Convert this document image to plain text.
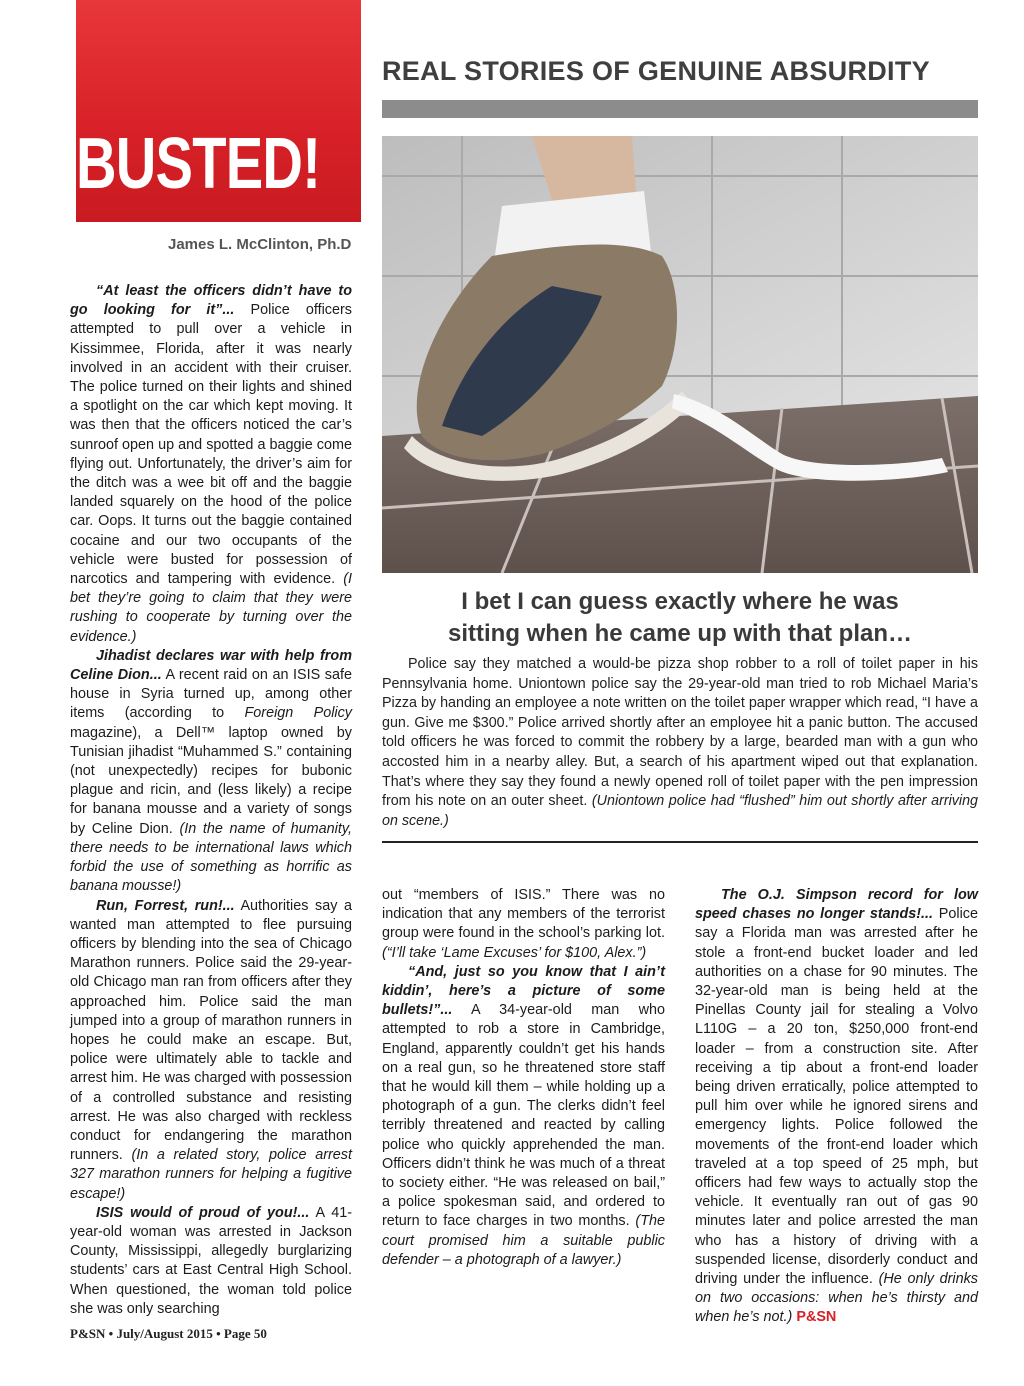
BUSTED!
James L. McClinton, Ph.D
REAL STORIES OF GENUINE ABSURDITY
I bet I can guess exactly where he was
sitting when he came up with that plan…
Police say they matched a would-be pizza shop robber to a roll of toilet paper in his Pennsylvania home. Uniontown police say the 29-year-old man tried to rob Michael Maria’s Pizza by handing an employee a note written on the toilet paper wrapper which read, “I have a gun. Give me $300.” Police arrived shortly after an employee hit a panic button. The accused told officers he was forced to commit the robbery by a large, bearded man with a gun who accosted him in a nearby alley. But, a search of his apartment wiped out that explanation. That’s where they say they found a newly opened roll of toilet paper with the pen impression from his note on an outer sheet. (Uniontown police had “flushed” him out shortly after arriving on scene.)

“At least the officers didn’t have to go looking for it”... Police officers attempted to pull over a vehicle in Kissimmee, Florida, after it was nearly involved in an accident with their cruiser. The police turned on their lights and shined a spotlight on the car which kept moving. It was then that the officers noticed the car’s sunroof open up and spotted a baggie come flying out. Unfortunately, the driver’s aim for the ditch was a wee bit off and the baggie landed squarely on the hood of the police car. Oops. It turns out the baggie contained cocaine and our two occupants of the vehicle were busted for possession of narcotics and tampering with evidence. (I bet they’re going to claim that they were rushing to cooperate by turning over the evidence.)

Jihadist declares war with help from Celine Dion... A recent raid on an ISIS safe house in Syria turned up, among other items (according to Foreign Policy magazine), a Dell™ laptop owned by Tunisian jihadist “Muhammed S.” containing (not unexpectedly) recipes for bubonic plague and ricin, and (less likely) a recipe for banana mousse and a variety of songs by Celine Dion. (In the name of humanity, there needs to be international laws which forbid the use of something as horrific as banana mousse!)

Run, Forrest, run!... Authorities say a wanted man attempted to flee pursuing officers by blending into the sea of Chicago Marathon runners. Police said the 29-year-old Chicago man ran from officers after they approached him. Police said the man jumped into a group of marathon runners in hopes he could make an escape. But, police were ultimately able to tackle and arrest him. He was charged with possession of a controlled substance and resisting arrest. He was also charged with reckless conduct for endangering the marathon runners. (In a related story, police arrest 327 marathon runners for helping a fugitive escape!)

ISIS would of proud of you!... A 41-year-old woman was arrested in Jackson County, Mississippi, allegedly burglarizing students’ cars at East Central High School. When questioned, the woman told police she was only searching

out “members of ISIS.” There was no indication that any members of the terrorist group were found in the school’s parking lot. (“I’ll take ‘Lame Excuses’ for $100, Alex.”)

“And, just so you know that I ain’t kiddin’, here’s a picture of some bullets!”... A 34-year-old man who attempted to rob a store in Cambridge, England, apparently couldn’t get his hands on a real gun, so he threatened store staff that he would kill them – while holding up a photograph of a gun. The clerks didn’t feel terribly threatened and reacted by calling police who quickly apprehended the man. Officers didn’t think he was much of a threat to society either. “He was released on bail,” a police spokesman said, and ordered to return to face charges in two months. (The court promised him a suitable public defender – a photograph of a lawyer.)

The O.J. Simpson record for low speed chases no longer stands!... Police say a Florida man was arrested after he stole a front-end bucket loader and led authorities on a chase for 90 minutes. The 32-year-old man is being held at the Pinellas County jail for stealing a Volvo L110G – a 20 ton, $250,000 front-end loader – from a construction site. After receiving a tip about a front-end loader being driven erratically, police attempted to pull him over while he ignored sirens and emergency lights. Police followed the movements of the front-end loader which traveled at a top speed of 25 mph, but officers had few ways to actually stop the vehicle. It eventually ran out of gas 90 minutes later and police arrested the man who has a history of driving with a suspended license, disorderly conduct and driving under the influence. (He only drinks on two occasions: when he’s thirsty and when he’s not.) P&SN

P&SN • July/August 2015 • Page 50
